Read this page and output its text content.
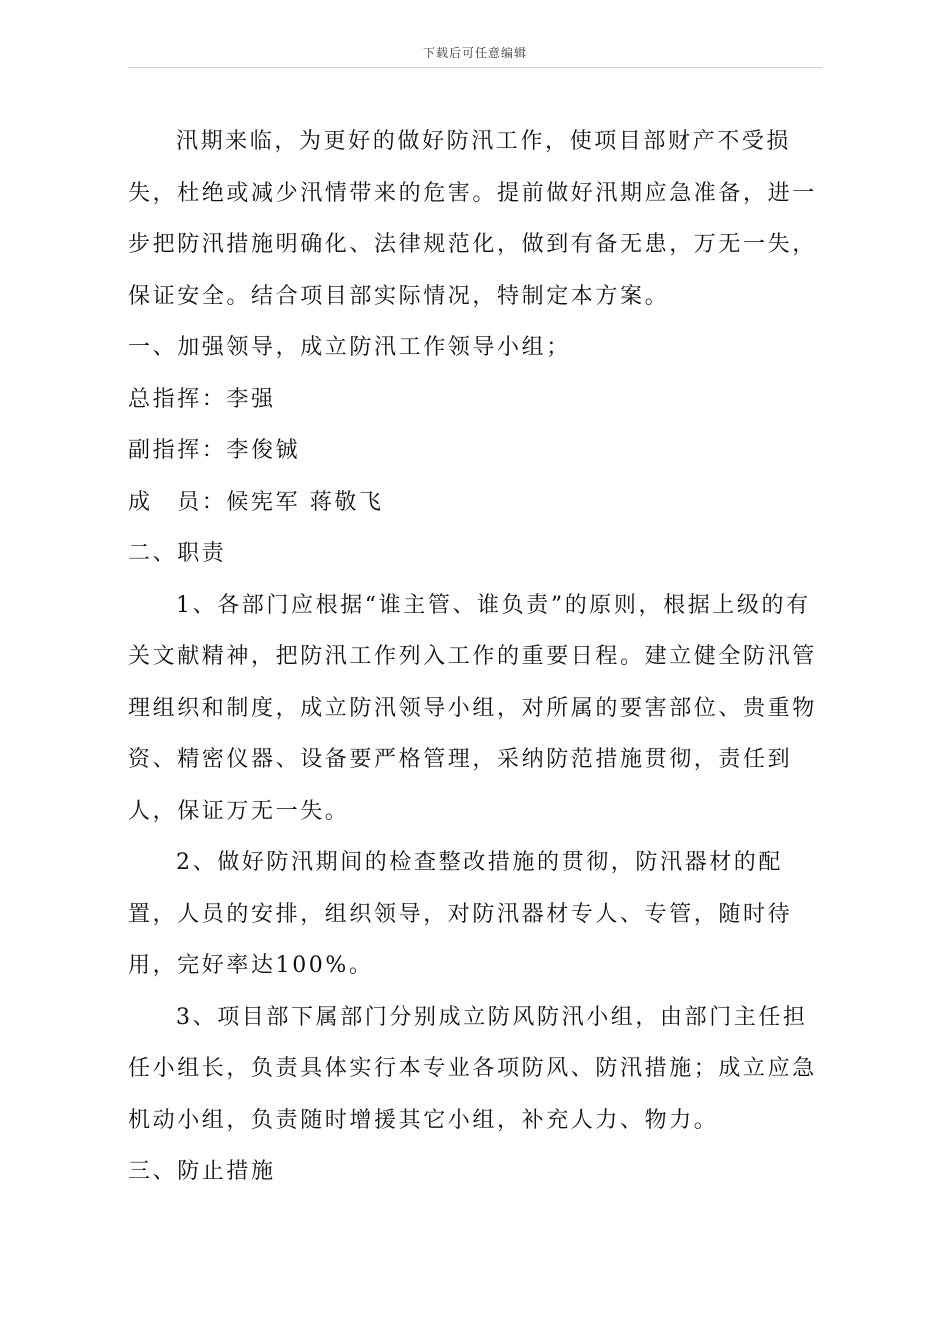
下载后可任意编辑

汛期来临，为更好的做好防汛工作，使项目部财产不受损失，杜绝或减少汛情带来的危害。提前做好汛期应急准备，进一步把防汛措施明确化、法律规范化，做到有备无患，万无一失，保证安全。结合项目部实际情况，特制定本方案。

一、加强领导，成立防汛工作领导小组；

总指挥：李强

副指挥：李俊铖

成　员：候宪军 蒋敬飞

二、职责

1、各部门应根据“谁主管、谁负责”的原则，根据上级的有关文献精神，把防汛工作列入工作的重要日程。建立健全防汛管理组织和制度，成立防汛领导小组，对所属的要害部位、贵重物资、精密仪器、设备要严格管理，采纳防范措施贯彻，责任到人，保证万无一失。

2、做好防汛期间的检查整改措施的贯彻，防汛器材的配置，人员的安排，组织领导，对防汛器材专人、专管，随时待用，完好率达100%。

3、项目部下属部门分别成立防风防汛小组，由部门主任担任小组长，负责具体实行本专业各项防风、防汛措施；成立应急机动小组，负责随时增援其它小组，补充人力、物力。

三、防止措施
